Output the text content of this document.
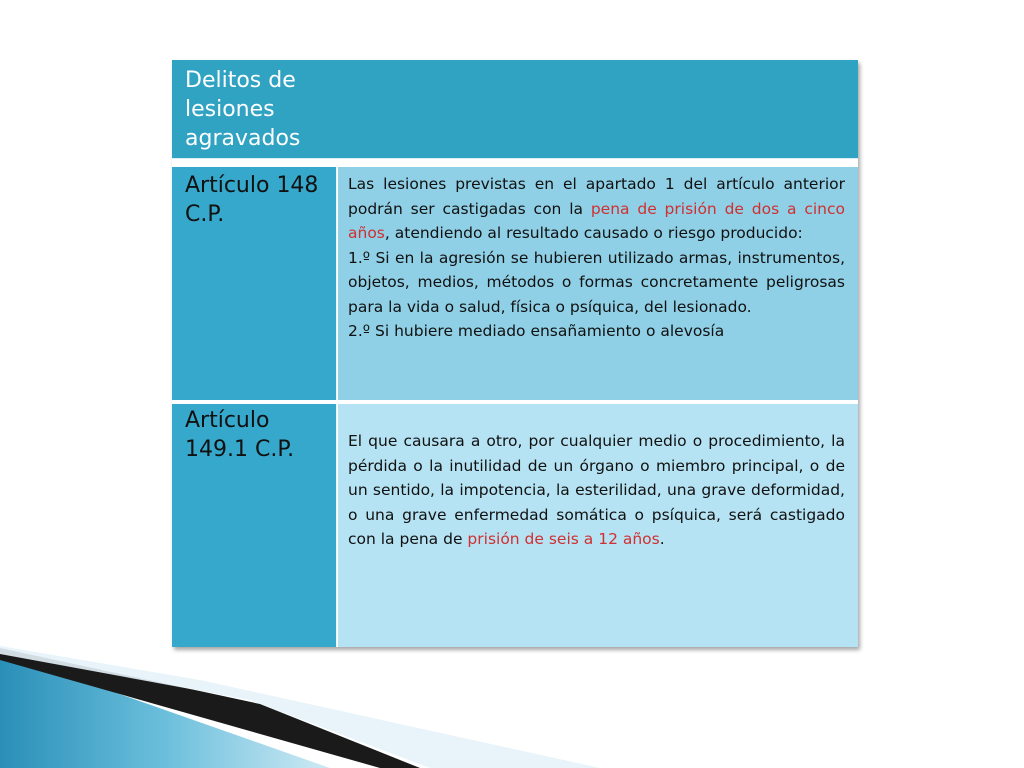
Delitos de lesiones agravados
Artículo 148 C.P.

Las lesiones previstas en el apartado 1 del artículo anterior podrán ser castigadas con la pena de prisión de dos a cinco años, atendiendo al resultado causado o riesgo producido:

1.º Si en la agresión se hubieren utilizado armas, instrumentos, objetos, medios, métodos o formas concretamente peligrosas para la vida o salud, física o psíquica, del lesionado.

2.º Si hubiere mediado ensañamiento o alevosía

Artículo 149.1 C.P.	El que causara a otro, por cualquier medio o procedimiento, la pérdida o la inutilidad de un órgano o miembro principal, o de un sentido, la impotencia, la esterilidad, una grave deformidad, o una grave enfermedad somática o psíquica, será castigado con la pena de prisión de seis a 12 años.
